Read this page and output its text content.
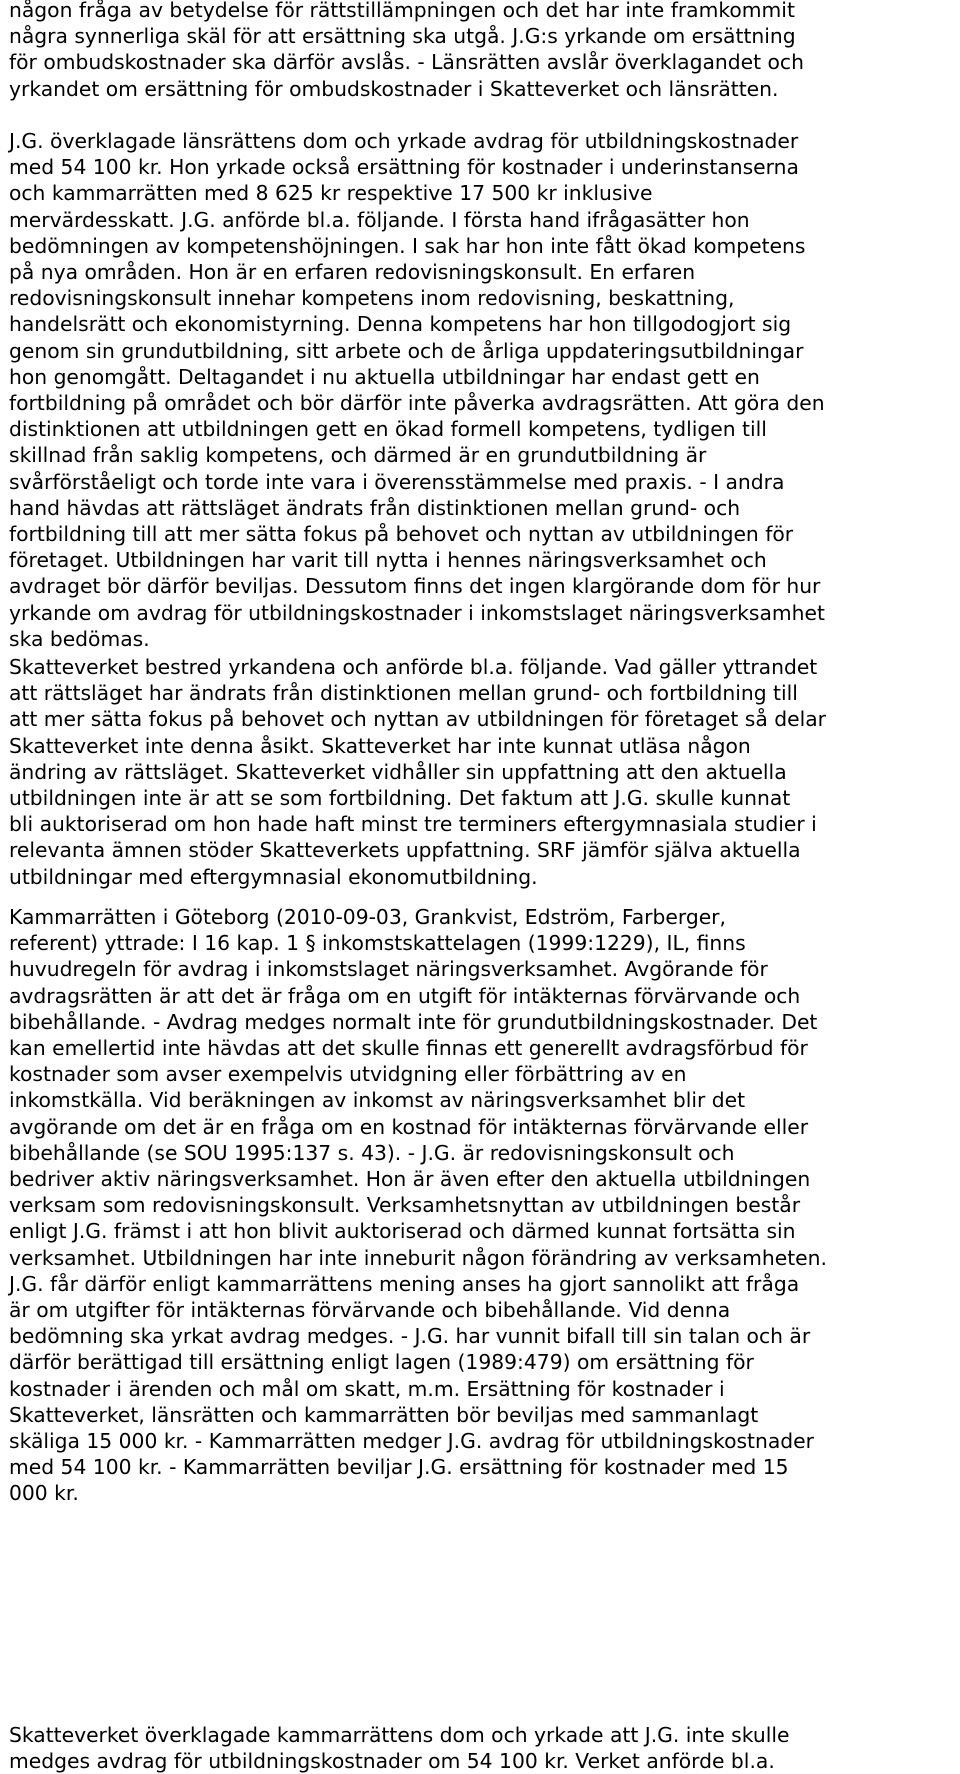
någon fråga av betydelse för rättstillämpningen och det har inte framkommit
några synnerliga skäl för att ersättning ska utgå. J.G:s yrkande om ersättning
för ombudskostnader ska därför avslås. - Länsrätten avslår överklagandet och
yrkandet om ersättning för ombudskostnader i Skatteverket och länsrätten.

J.G. överklagade länsrättens dom och yrkade avdrag för utbildningskostnader
med 54 100 kr. Hon yrkade också ersättning för kostnader i underinstanserna
och kammarrätten med 8 625 kr respektive 17 500 kr inklusive
mervärdesskatt. J.G. anförde bl.a. följande. I första hand ifrågasätter hon
bedömningen av kompetenshöjningen. I sak har hon inte fått ökad kompetens
på nya områden. Hon är en erfaren redovisningskonsult. En erfaren
redovisningskonsult innehar kompetens inom redovisning, beskattning,
handelsrätt och ekonomistyrning. Denna kompetens har hon tillgodogjort sig
genom sin grundutbildning, sitt arbete och de årliga uppdateringsutbildningar
hon genomgått. Deltagandet i nu aktuella utbildningar har endast gett en
fortbildning på området och bör därför inte påverka avdragsrätten. Att göra den
distinktionen att utbildningen gett en ökad formell kompetens, tydligen till
skillnad från saklig kompetens, och därmed är en grundutbildning är
svårförståeligt och torde inte vara i överensstämmelse med praxis. - I andra
hand hävdas att rättsläget ändrats från distinktionen mellan grund- och
fortbildning till att mer sätta fokus på behovet och nyttan av utbildningen för
företaget. Utbildningen har varit till nytta i hennes näringsverksamhet och
avdraget bör därför beviljas. Dessutom finns det ingen klargörande dom för hur
yrkande om avdrag för utbildningskostnader i inkomstslaget näringsverksamhet
ska bedömas.
Skatteverket bestred yrkandena och anförde bl.a. följande. Vad gäller yttrandet
att rättsläget har ändrats från distinktionen mellan grund- och fortbildning till
att mer sätta fokus på behovet och nyttan av utbildningen för företaget så delar
Skatteverket inte denna åsikt. Skatteverket har inte kunnat utläsa någon
ändring av rättsläget. Skatteverket vidhåller sin uppfattning att den aktuella
utbildningen inte är att se som fortbildning. Det faktum att J.G. skulle kunnat
bli auktoriserad om hon hade haft minst tre terminers eftergymnasiala studier i
relevanta ämnen stöder Skatteverkets uppfattning. SRF jämför själva aktuella
utbildningar med eftergymnasial ekonomutbildning.
Kammarrätten i Göteborg (2010-09-03, Grankvist, Edström, Farberger,
referent) yttrade: I 16 kap. 1 § inkomstskattelagen (1999:1229), IL, finns
huvudregeln för avdrag i inkomstslaget näringsverksamhet. Avgörande för
avdragsrätten är att det är fråga om en utgift för intäkternas förvärvande och
bibehållande. - Avdrag medges normalt inte för grundutbildningskostnader. Det
kan emellertid inte hävdas att det skulle finnas ett generellt avdragsförbud för
kostnader som avser exempelvis utvidgning eller förbättring av en
inkomstkälla. Vid beräkningen av inkomst av näringsverksamhet blir det
avgörande om det är en fråga om en kostnad för intäkternas förvärvande eller
bibehållande (se SOU 1995:137 s. 43). - J.G. är redovisningskonsult och
bedriver aktiv näringsverksamhet. Hon är även efter den aktuella utbildningen
verksam som redovisningskonsult. Verksamhetsnyttan av utbildningen består
enligt J.G. främst i att hon blivit auktoriserad och därmed kunnat fortsätta sin
verksamhet. Utbildningen har inte inneburit någon förändring av verksamheten.
J.G. får därför enligt kammarrättens mening anses ha gjort sannolikt att fråga
är om utgifter för intäkternas förvärvande och bibehållande. Vid denna
bedömning ska yrkat avdrag medges. - J.G. har vunnit bifall till sin talan och är
därför berättigad till ersättning enligt lagen (1989:479) om ersättning för
kostnader i ärenden och mål om skatt, m.m. Ersättning för kostnader i
Skatteverket, länsrätten och kammarrätten bör beviljas med sammanlagt
skäliga 15 000 kr. - Kammarrätten medger J.G. avdrag för utbildningskostnader
med 54 100 kr. - Kammarrätten beviljar J.G. ersättning för kostnader med 15
000 kr.
Skatteverket överklagade kammarrättens dom och yrkade att J.G. inte skulle
medges avdrag för utbildningskostnader om 54 100 kr. Verket anförde bl.a.
